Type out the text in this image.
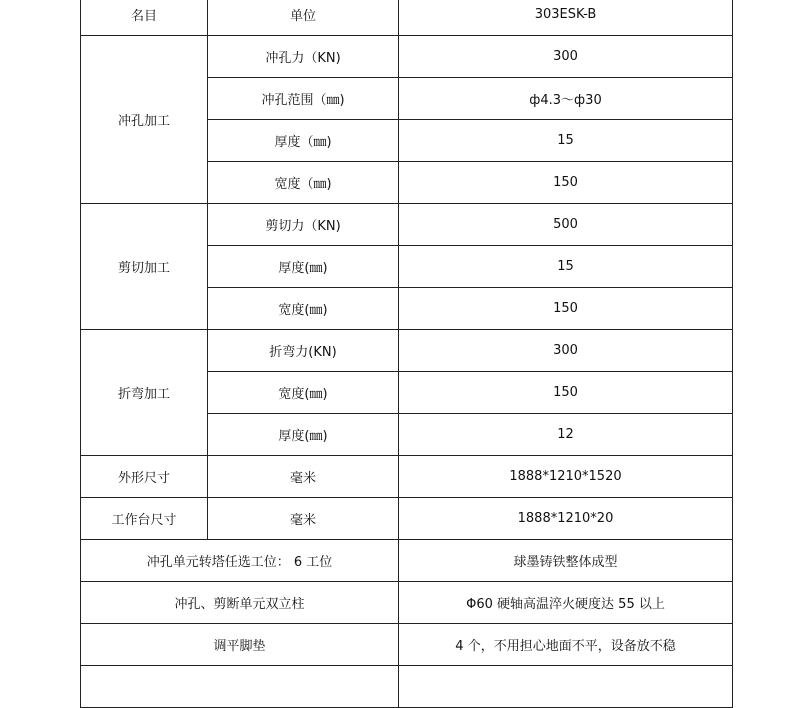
名目	单位	303ESK-B
冲孔加工	冲孔力（KN)	300
	冲孔范围（㎜)	ф4.3～ф30
	厚度（㎜)	15
	宽度（㎜)	150
剪切加工	剪切力（KN)	500
	厚度(㎜)	15
	宽度(㎜)	150
折弯加工	折弯力(KN)	300
	宽度(㎜)	150
	厚度(㎜)	12
外形尺寸	毫米	1888*1210*1520
工作台尺寸	毫米	1888*1210*20
冲孔单元转塔任选工位： 6 工位		球墨铸铁整体成型
冲孔、剪断单元双立柱		Φ60 硬轴高温淬火硬度达 55 以上
调平脚垫		4 个，不用担心地面不平，设备放不稳
